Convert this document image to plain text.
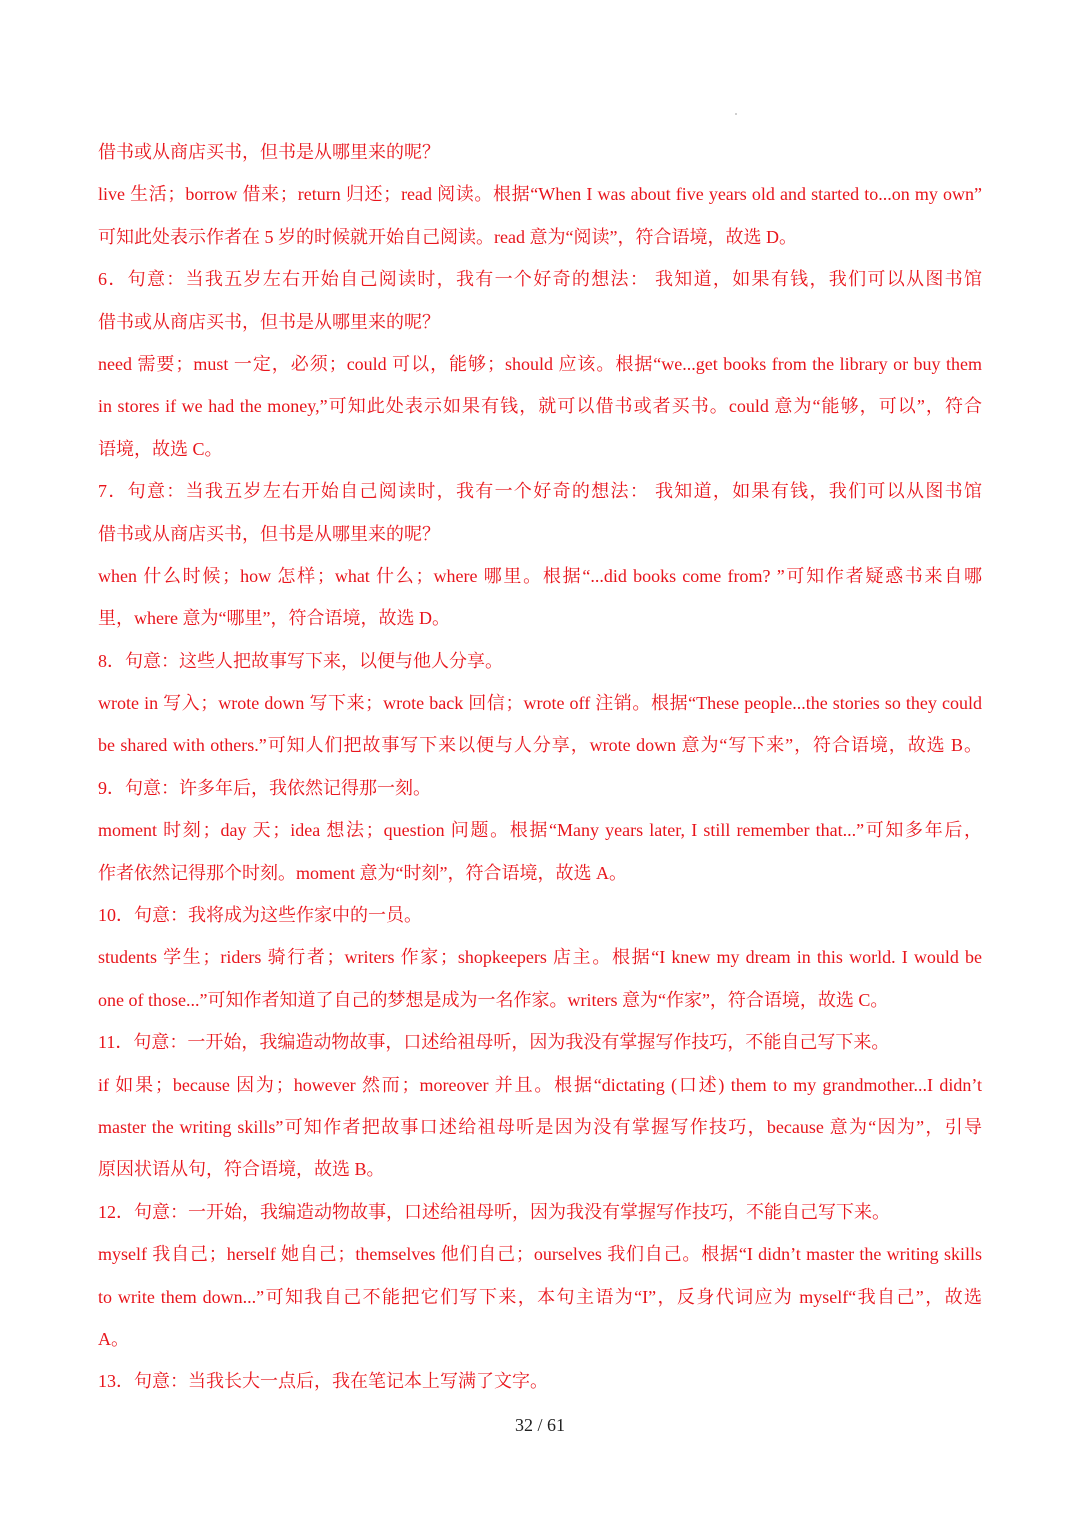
借书或从商店买书，但书是从哪里来的呢？
live 生活；borrow 借来；return 归还；read 阅读。根据“When I was about five years old and started to...on my own”
可知此处表示作者在 5 岁的时候就开始自己阅读。read 意为“阅读”，符合语境，故选 D。
6．句意：当我五岁左右开始自己阅读时，我有一个好奇的想法： 我知道，如果有钱，我们可以从图书馆
借书或从商店买书，但书是从哪里来的呢？
need 需要；must 一定，必须；could 可以，能够；should 应该。根据“we...get books from the library or buy them
in stores if we had the money,”可知此处表示如果有钱，就可以借书或者买书。could 意为“能够，可以”，符合
语境，故选 C。
7．句意：当我五岁左右开始自己阅读时，我有一个好奇的想法： 我知道，如果有钱，我们可以从图书馆
借书或从商店买书，但书是从哪里来的呢？
when 什么时候；how 怎样；what 什么；where 哪里。根据“...did books come from? ”可知作者疑惑书来自哪
里，where 意为“哪里”，符合语境，故选 D。
8．句意：这些人把故事写下来，以便与他人分享。
wrote in 写入；wrote down 写下来；wrote back 回信；wrote off 注销。根据“These people...the stories so they could
be shared with others.”可知人们把故事写下来以便与人分享，wrote down 意为“写下来”，符合语境，故选 B。
9．句意：许多年后，我依然记得那一刻。
moment 时刻；day 天；idea 想法；question 问题。根据“Many years later, I still remember that...”可知多年后，
作者依然记得那个时刻。moment 意为“时刻”，符合语境，故选 A。
10．句意：我将成为这些作家中的一员。
students 学生；riders 骑行者；writers 作家；shopkeepers 店主。根据“I knew my dream in this world. I would be
one of those...”可知作者知道了自己的梦想是成为一名作家。writers 意为“作家”，符合语境，故选 C。
11．句意：一开始，我编造动物故事，口述给祖母听，因为我没有掌握写作技巧，不能自己写下来。
if 如果；because 因为；however 然而；moreover 并且。根据“dictating (口述) them to my grandmother...I didn’t
master the writing skills”可知作者把故事口述给祖母听是因为没有掌握写作技巧，because 意为“因为”，引导
原因状语从句，符合语境，故选 B。
12．句意：一开始，我编造动物故事，口述给祖母听，因为我没有掌握写作技巧，不能自己写下来。
myself 我自己；herself 她自己；themselves 他们自己；ourselves 我们自己。根据“I didn’t master the writing skills
to write them down...”可知我自己不能把它们写下来，本句主语为“I”，反身代词应为 myself“我自己”，故选
A。
13．句意：当我长大一点后，我在笔记本上写满了文字。
32 / 61
